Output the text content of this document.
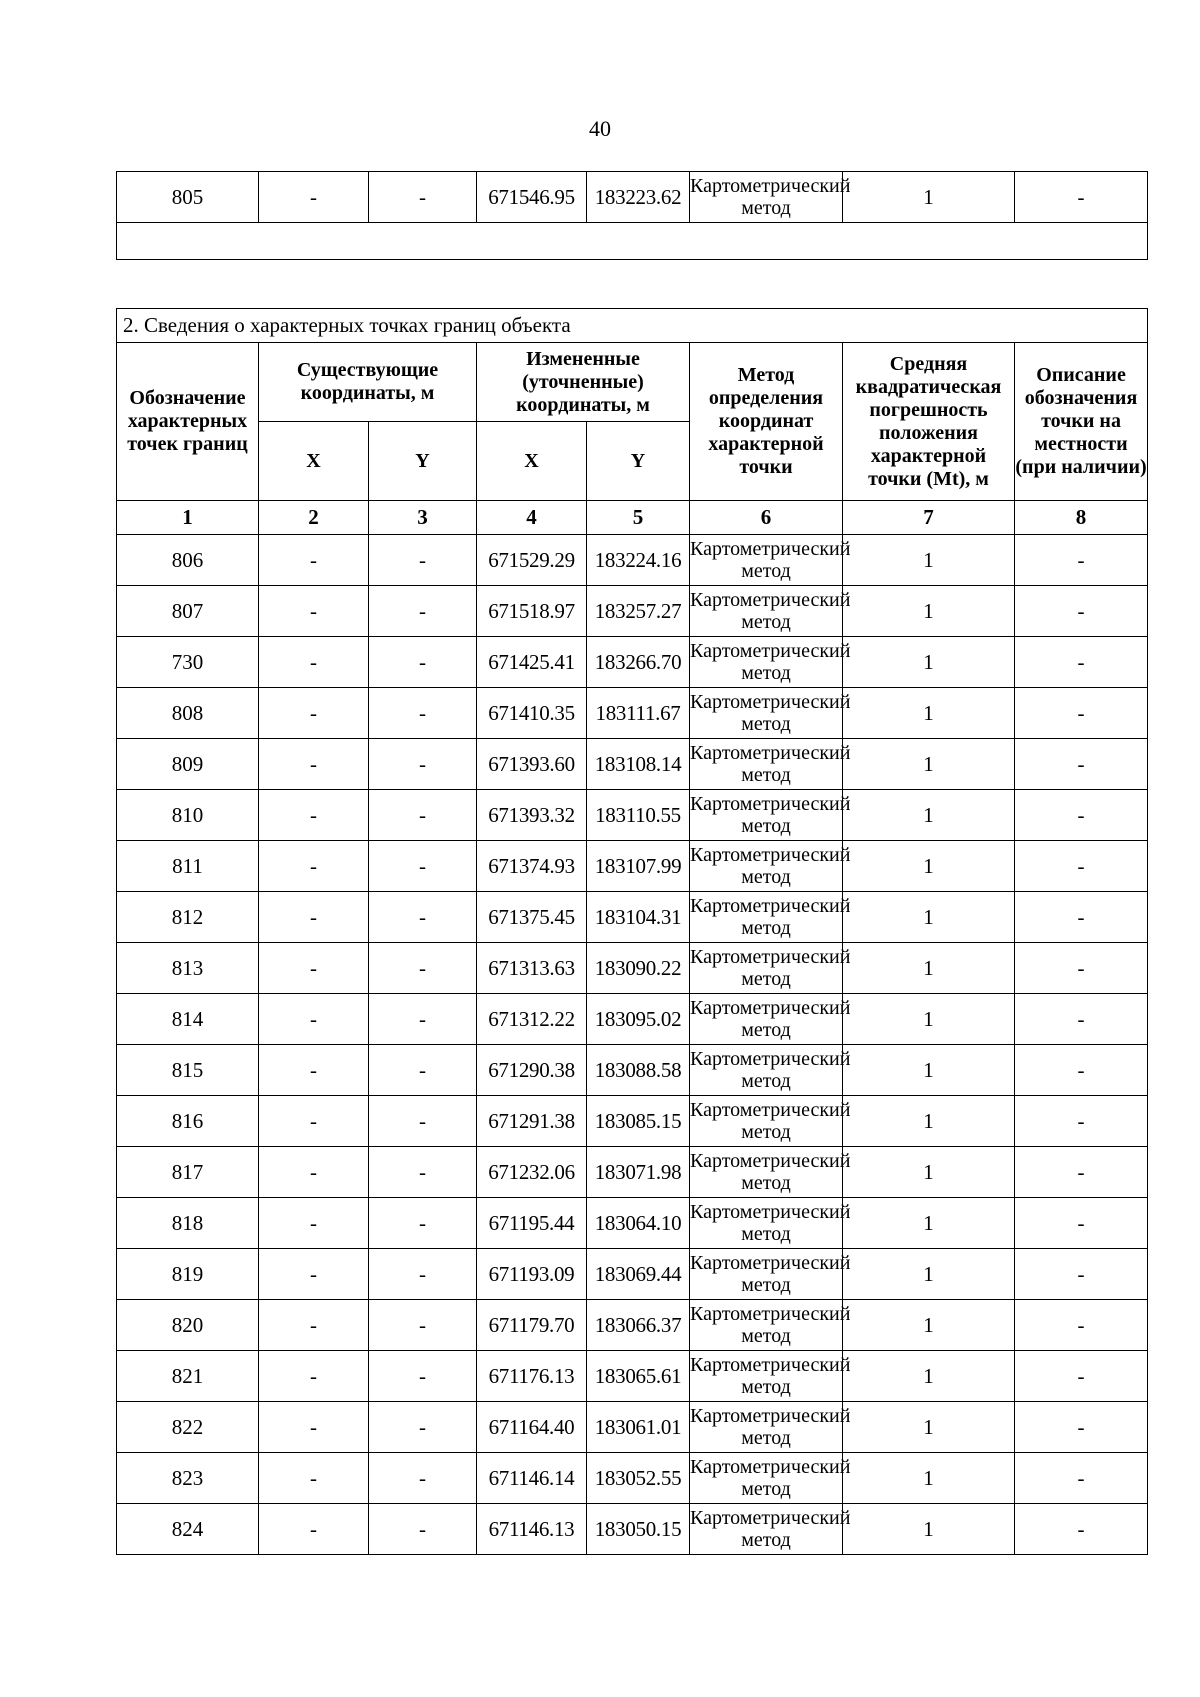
40
805	-	-	671546.95	183223.62	Картометрический метод	1	-

2. Сведения о характерных точках границ объекта							
Обозначение характерных точек границ	Существующие координаты, м		Измененные (уточненные) координаты, м		Метод определения координат характерной точки	Средняя квадратическая погрешность положения характерной точки (Mt), м	Описание обозначения точки на местности (при наличии)
	X	Y	X	Y			
1	2	3	4	5	6	7	8
806	-	-	671529.29	183224.16	Картометрический метод	1	-
807	-	-	671518.97	183257.27	Картометрический метод	1	-
730	-	-	671425.41	183266.70	Картометрический метод	1	-
808	-	-	671410.35	183111.67	Картометрический метод	1	-
809	-	-	671393.60	183108.14	Картометрический метод	1	-
810	-	-	671393.32	183110.55	Картометрический метод	1	-
811	-	-	671374.93	183107.99	Картометрический метод	1	-
812	-	-	671375.45	183104.31	Картометрический метод	1	-
813	-	-	671313.63	183090.22	Картометрический метод	1	-
814	-	-	671312.22	183095.02	Картометрический метод	1	-
815	-	-	671290.38	183088.58	Картометрический метод	1	-
816	-	-	671291.38	183085.15	Картометрический метод	1	-
817	-	-	671232.06	183071.98	Картометрический метод	1	-
818	-	-	671195.44	183064.10	Картометрический метод	1	-
819	-	-	671193.09	183069.44	Картометрический метод	1	-
820	-	-	671179.70	183066.37	Картометрический метод	1	-
821	-	-	671176.13	183065.61	Картометрический метод	1	-
822	-	-	671164.40	183061.01	Картометрический метод	1	-
823	-	-	671146.14	183052.55	Картометрический метод	1	-
824	-	-	671146.13	183050.15	Картометрический метод	1	-
